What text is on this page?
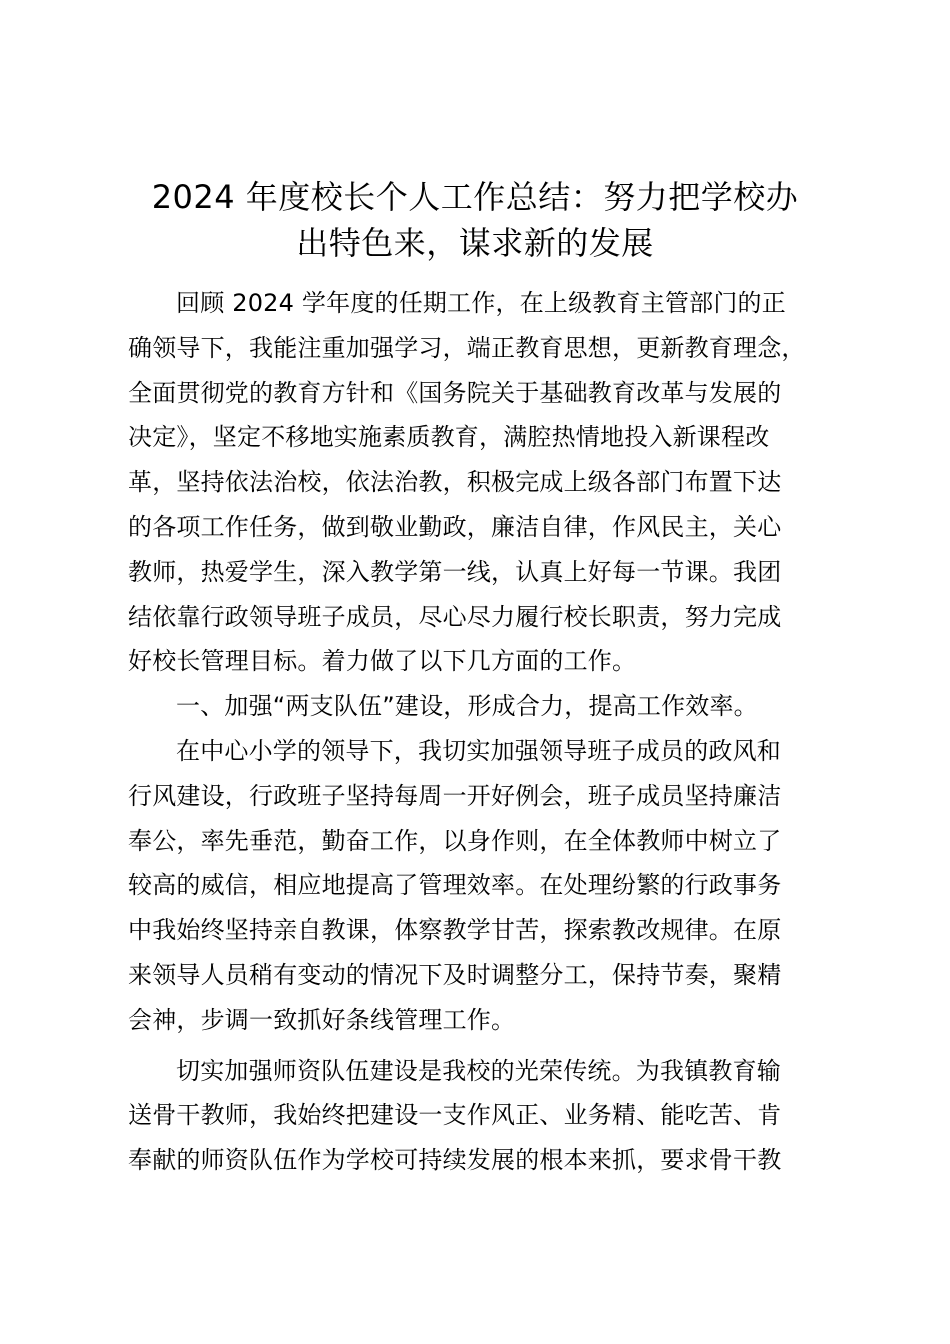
2024 年度校长个人工作总结：努力把学校办
出特色来，谋求新的发展
回顾 2024 学年度的任期工作，在上级教育主管部门的正
确领导下，我能注重加强学习，端正教育思想，更新教育理念，
全面贯彻党的教育方针和《国务院关于基础教育改革与发展的
决定》，坚定不移地实施素质教育，满腔热情地投入新课程改
革，坚持依法治校，依法治教，积极完成上级各部门布置下达
的各项工作任务，做到敬业勤政，廉洁自律，作风民主，关心
教师，热爱学生，深入教学第一线，认真上好每一节课。我团
结依靠行政领导班子成员，尽心尽力履行校长职责，努力完成
好校长管理目标。着力做了以下几方面的工作。
一、加强“两支队伍”建设，形成合力，提高工作效率。
在中心小学的领导下，我切实加强领导班子成员的政风和
行风建设，行政班子坚持每周一开好例会，班子成员坚持廉洁
奉公，率先垂范，勤奋工作，以身作则，在全体教师中树立了
较高的威信，相应地提高了管理效率。在处理纷繁的行政事务
中我始终坚持亲自教课，体察教学甘苦，探索教改规律。在原
来领导人员稍有变动的情况下及时调整分工，保持节奏，聚精
会神，步调一致抓好条线管理工作。
切实加强师资队伍建设是我校的光荣传统。为我镇教育输
送骨干教师，我始终把建设一支作风正、业务精、能吃苦、肯
奉献的师资队伍作为学校可持续发展的根本来抓，要求骨干教
